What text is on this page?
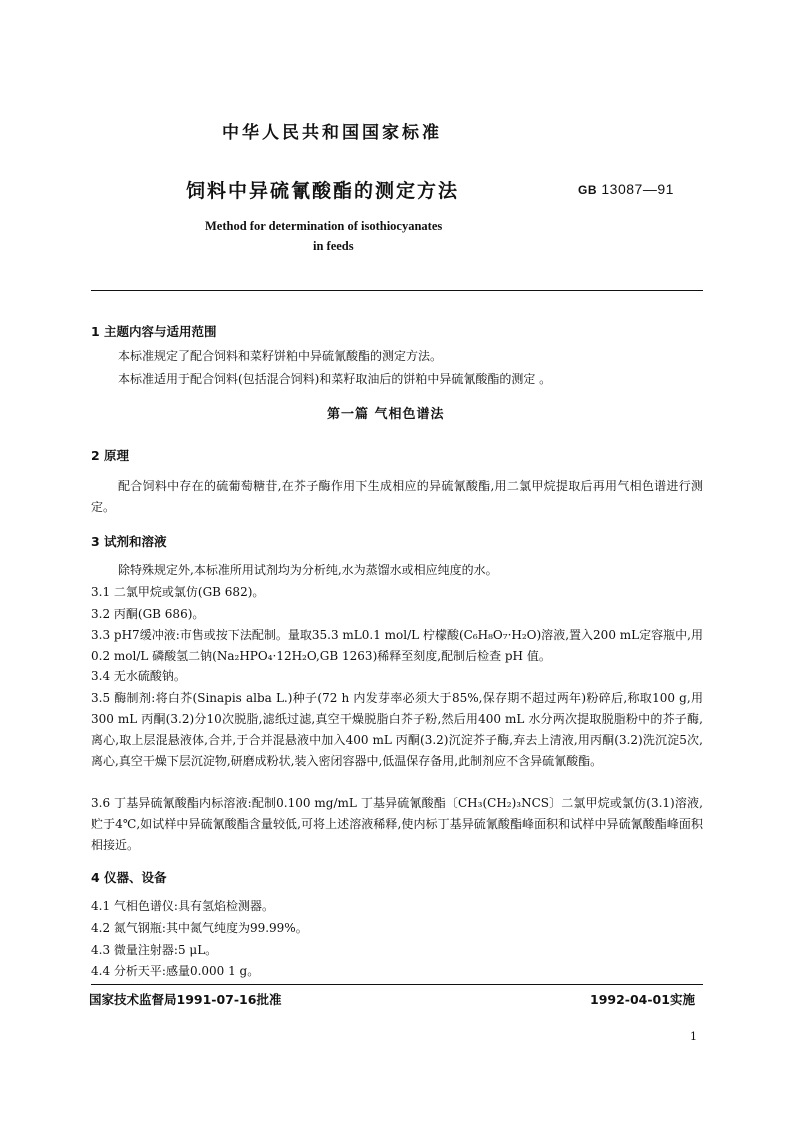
中华人民共和国国家标准
饲料中异硫氰酸酯的测定方法	GB 13087—91
Method for determination of isothiocyanates
in feeds
1 主题内容与适用范围
本标准规定了配合饲料和菜籽饼粕中异硫氰酸酯的测定方法。
本标准适用于配合饲料(包括混合饲料)和菜籽取油后的饼粕中异硫氰酸酯的测定 。
第一篇 气相色谱法
2 原理
配合饲料中存在的硫葡萄糖苷,在芥子酶作用下生成相应的异硫氰酸酯,用二氯甲烷提取后再用气相色谱进行测定。
3 试剂和溶液
除特殊规定外,本标准所用试剂均为分析纯,水为蒸馏水或相应纯度的水。
3.1 二氯甲烷或氯仿(GB 682)。
3.2 丙酮(GB 686)。
3.3 pH7缓冲液:市售或按下法配制。量取35.3 mL0.1 mol/L 柠檬酸(C₆H₈O₇·H₂O)溶液,置入200 mL定容瓶中,用0.2 mol/L 磷酸氢二钠(Na₂HPO₄·12H₂O,GB 1263)稀释至刻度,配制后检查 pH 值。
3.4 无水硫酸钠。
3.5 酶制剂:将白芥(Sinapis alba L.)种子(72 h 内发芽率必须大于85%,保存期不超过两年)粉碎后,称取100 g,用300 mL 丙酮(3.2)分10次脱脂,滤纸过滤,真空干燥脱脂白芥子粉,然后用400 mL 水分两次提取脱脂粉中的芥子酶,离心,取上层混悬液体,合并,于合并混悬液中加入400 mL 丙酮(3.2)沉淀芥子酶,弃去上清液,用丙酮(3.2)洗沉淀5次,离心,真空干燥下层沉淀物,研磨成粉状,装入密闭容器中,低温保存备用,此制剂应不含异硫氰酸酯。
3.6 丁基异硫氰酸酯内标溶液:配制0.100 mg/mL 丁基异硫氰酸酯〔CH₃(CH₂)₃NCS〕二氯甲烷或氯仿(3.1)溶液,贮于4℃,如试样中异硫氰酸酯含量较低,可将上述溶液稀释,使内标丁基异硫氰酸酯峰面积和试样中异硫氰酸酯峰面积相接近。
4 仪器、设备
4.1 气相色谱仪:具有氢焰检测器。
4.2 氮气钢瓶:其中氮气纯度为99.99%。
4.3 微量注射器:5 μL。
4.4 分析天平:感量0.000 1 g。
国家技术监督局1991-07-16批准	1992-04-01实施
1
